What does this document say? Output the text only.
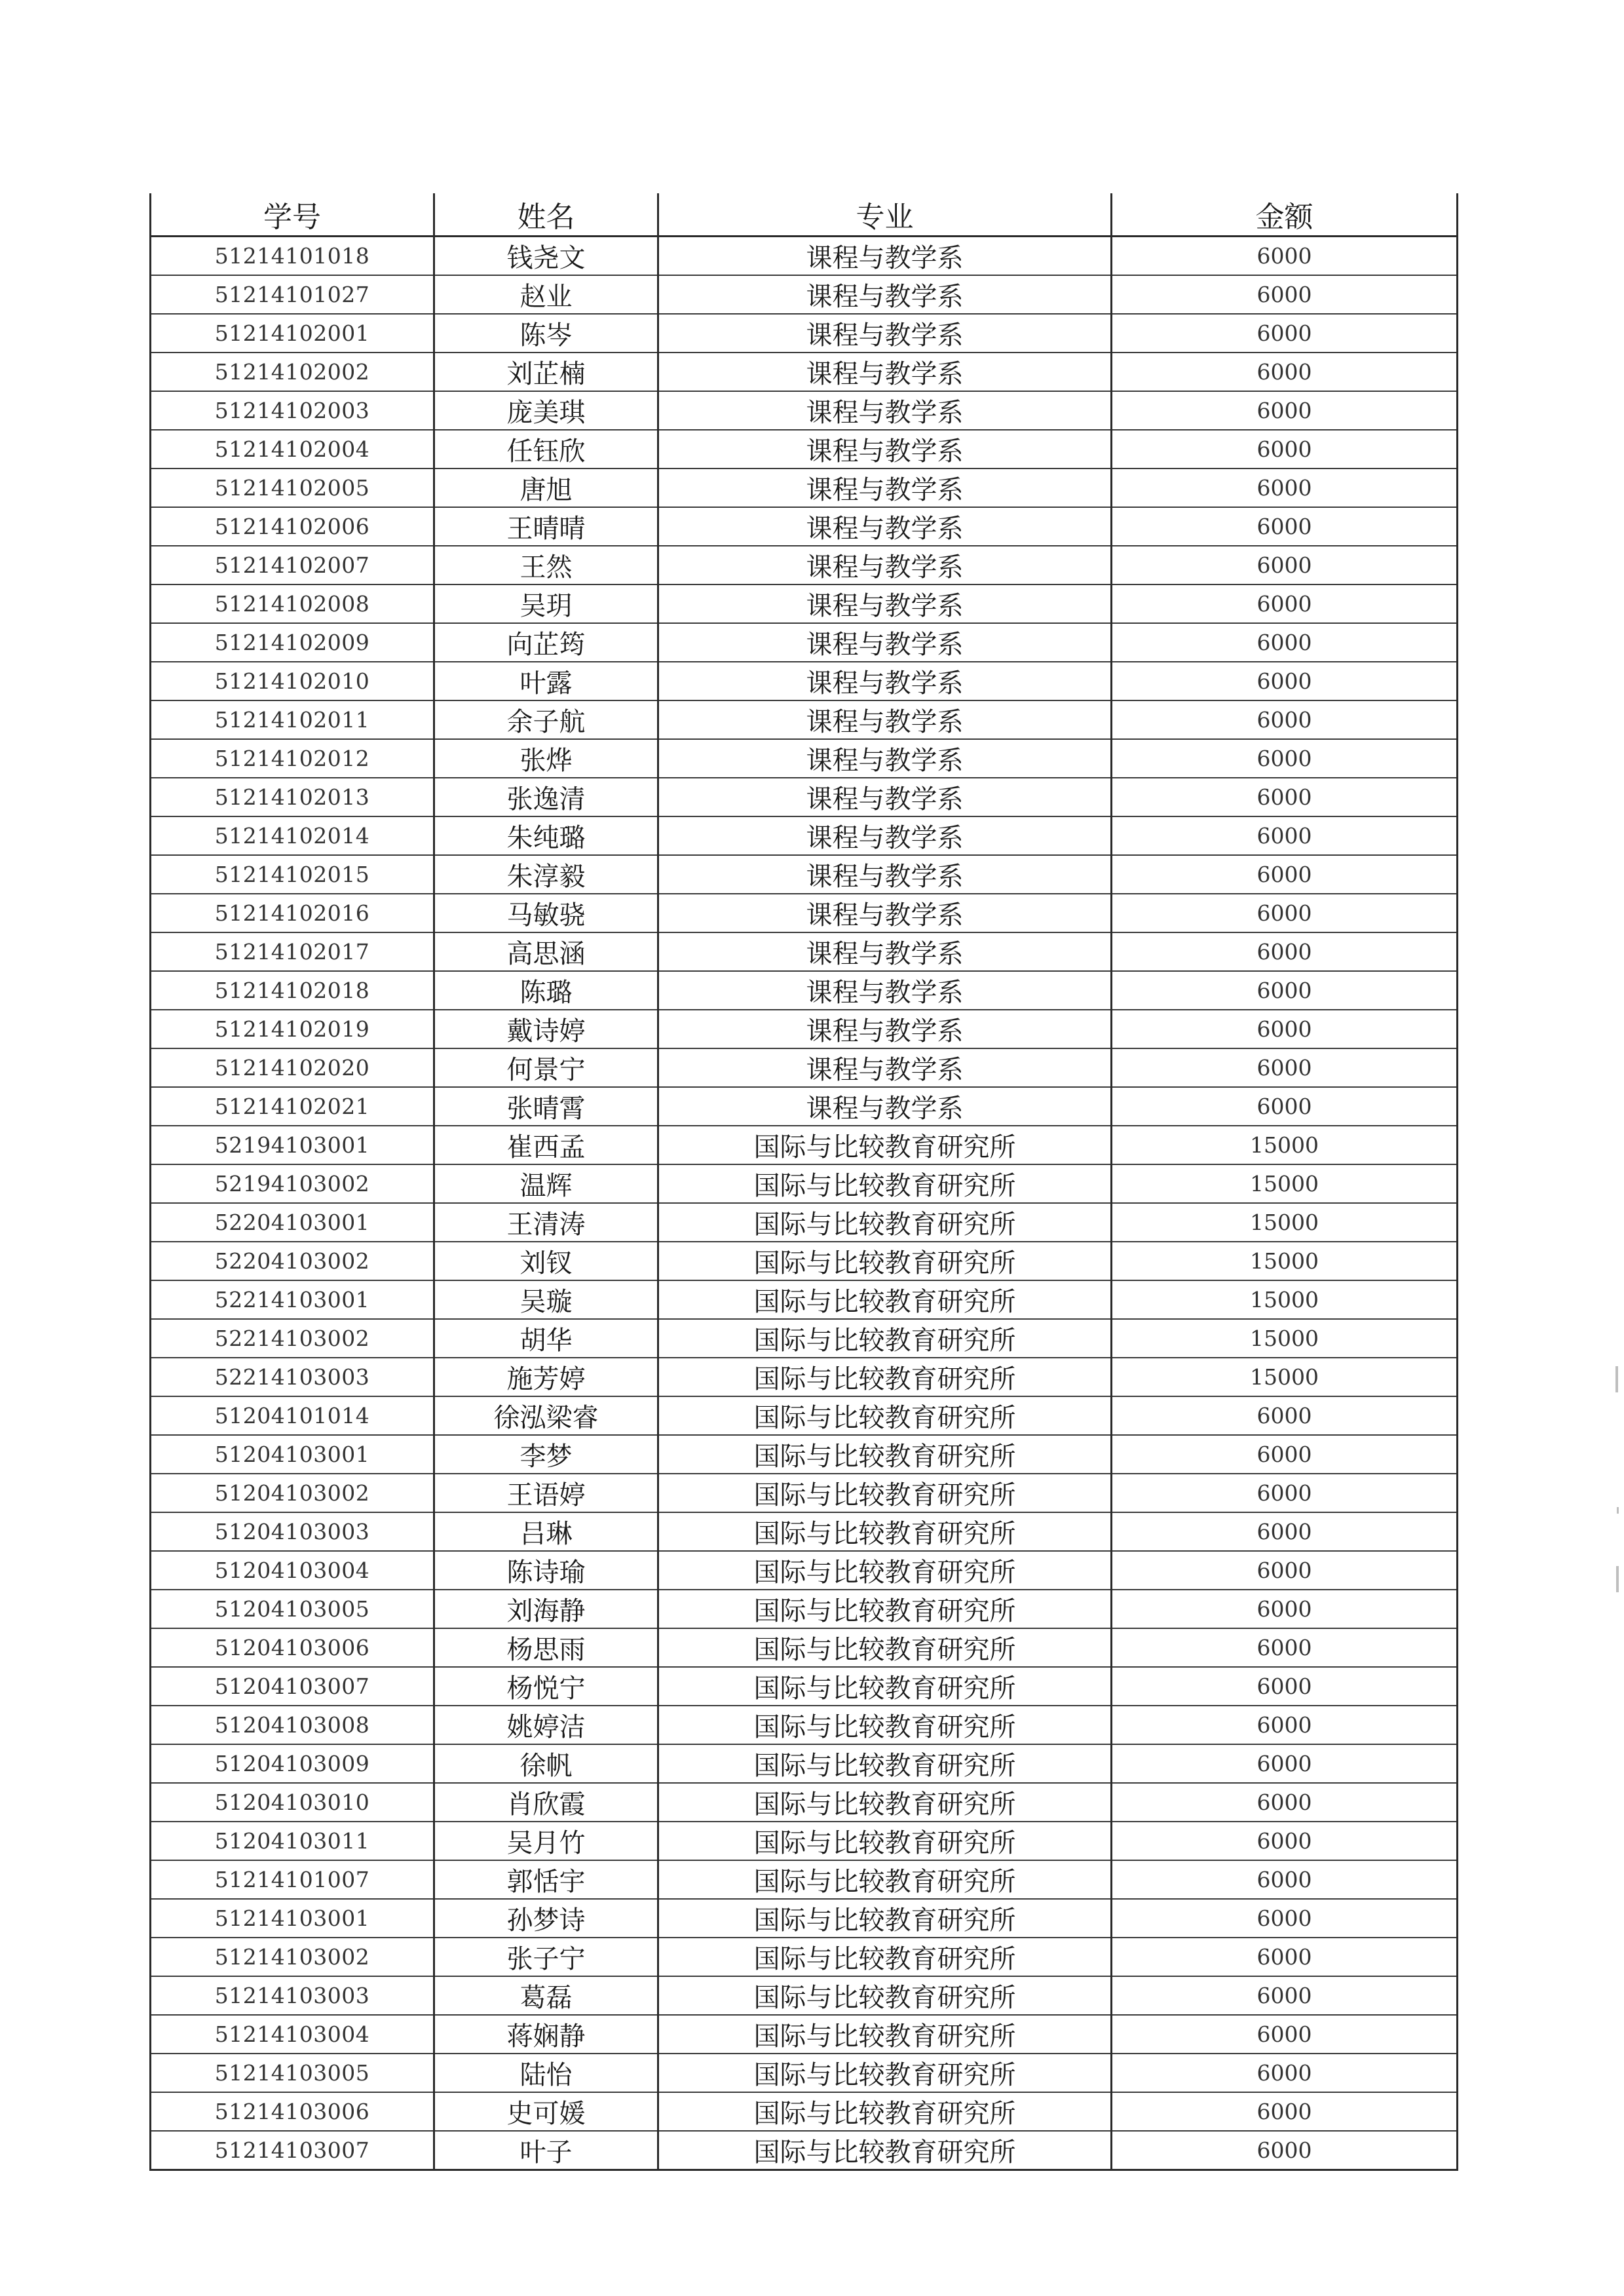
学号	姓名	专业	金额
51214101018	钱尧文	课程与教学系	6000
51214101027	赵业	课程与教学系	6000
51214102001	陈岑	课程与教学系	6000
51214102002	刘芷楠	课程与教学系	6000
51214102003	庞美琪	课程与教学系	6000
51214102004	任钰欣	课程与教学系	6000
51214102005	唐旭	课程与教学系	6000
51214102006	王晴晴	课程与教学系	6000
51214102007	王然	课程与教学系	6000
51214102008	吴玥	课程与教学系	6000
51214102009	向芷筠	课程与教学系	6000
51214102010	叶露	课程与教学系	6000
51214102011	余子航	课程与教学系	6000
51214102012	张烨	课程与教学系	6000
51214102013	张逸清	课程与教学系	6000
51214102014	朱纯璐	课程与教学系	6000
51214102015	朱淳毅	课程与教学系	6000
51214102016	马敏骁	课程与教学系	6000
51214102017	高思涵	课程与教学系	6000
51214102018	陈璐	课程与教学系	6000
51214102019	戴诗婷	课程与教学系	6000
51214102020	何景宁	课程与教学系	6000
51214102021	张晴霄	课程与教学系	6000
52194103001	崔西孟	国际与比较教育研究所	15000
52194103002	温辉	国际与比较教育研究所	15000
52204103001	王清涛	国际与比较教育研究所	15000
52204103002	刘钗	国际与比较教育研究所	15000
52214103001	吴璇	国际与比较教育研究所	15000
52214103002	胡华	国际与比较教育研究所	15000
52214103003	施芳婷	国际与比较教育研究所	15000
51204101014	徐泓梁睿	国际与比较教育研究所	6000
51204103001	李梦	国际与比较教育研究所	6000
51204103002	王语婷	国际与比较教育研究所	6000
51204103003	吕琳	国际与比较教育研究所	6000
51204103004	陈诗瑜	国际与比较教育研究所	6000
51204103005	刘海静	国际与比较教育研究所	6000
51204103006	杨思雨	国际与比较教育研究所	6000
51204103007	杨悦宁	国际与比较教育研究所	6000
51204103008	姚婷洁	国际与比较教育研究所	6000
51204103009	徐帆	国际与比较教育研究所	6000
51204103010	肖欣霞	国际与比较教育研究所	6000
51204103011	吴月竹	国际与比较教育研究所	6000
51214101007	郭恬宇	国际与比较教育研究所	6000
51214103001	孙梦诗	国际与比较教育研究所	6000
51214103002	张子宁	国际与比较教育研究所	6000
51214103003	葛磊	国际与比较教育研究所	6000
51214103004	蒋娴静	国际与比较教育研究所	6000
51214103005	陆怡	国际与比较教育研究所	6000
51214103006	史可媛	国际与比较教育研究所	6000
51214103007	叶子	国际与比较教育研究所	6000
